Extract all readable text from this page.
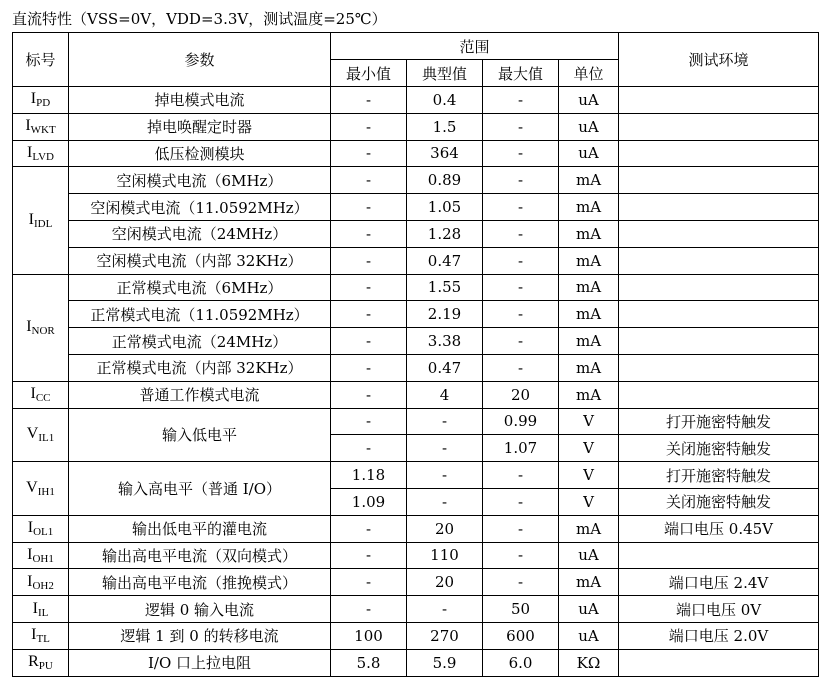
直流特性（VSS=0V，VDD=3.3V，测试温度=25℃）
标号	参数	范围				测试环境
		最小值	典型值	最大值	单位	
$I_{PD}$	掉电模式电流	-	0.4	-	uA	
$I_{WKT}$	掉电唤醒定时器	-	1.5	-	uA	
$I_{LVD}$	低压检测模块	-	364	-	uA	
$I_{IDL}$	空闲模式电流（6MHz）	-	0.89	-	mA	
	空闲模式电流（11.0592MHz）	-	1.05	-	mA	
	空闲模式电流（24MHz）	-	1.28	-	mA	
	空闲模式电流（内部 32KHz）	-	0.47	-	mA	
$I_{NOR}$	正常模式电流（6MHz）	-	1.55	-	mA	
	正常模式电流（11.0592MHz）	-	2.19	-	mA	
	正常模式电流（24MHz）	-	3.38	-	mA	
	正常模式电流（内部 32KHz）	-	0.47	-	mA	
$I_{CC}$	普通工作模式电流	-	4	20	mA	
$V_{IL1}$	输入低电平	-	-	0.99	V	打开施密特触发
		-	-	1.07	V	关闭施密特触发
$V_{IH1}$	输入高电平（普通 I/O）	1.18	-	-	V	打开施密特触发
		1.09	-	-	V	关闭施密特触发
$I_{OL1}$	输出低电平的灌电流	-	20	-	mA	端口电压 0.45V
$I_{OH1}$	输出高电平电流（双向模式）	-	110	-	uA	
$I_{OH2}$	输出高电平电流（推挽模式）	-	20	-	mA	端口电压 2.4V
$I_{IL}$	逻辑 0 输入电流	-	-	50	uA	端口电压 0V
$I_{TL}$	逻辑 1 到 0 的转移电流	100	270	600	uA	端口电压 2.0V
$R_{PU}$	I/O 口上拉电阻	5.8	5.9	6.0	KΩ	
